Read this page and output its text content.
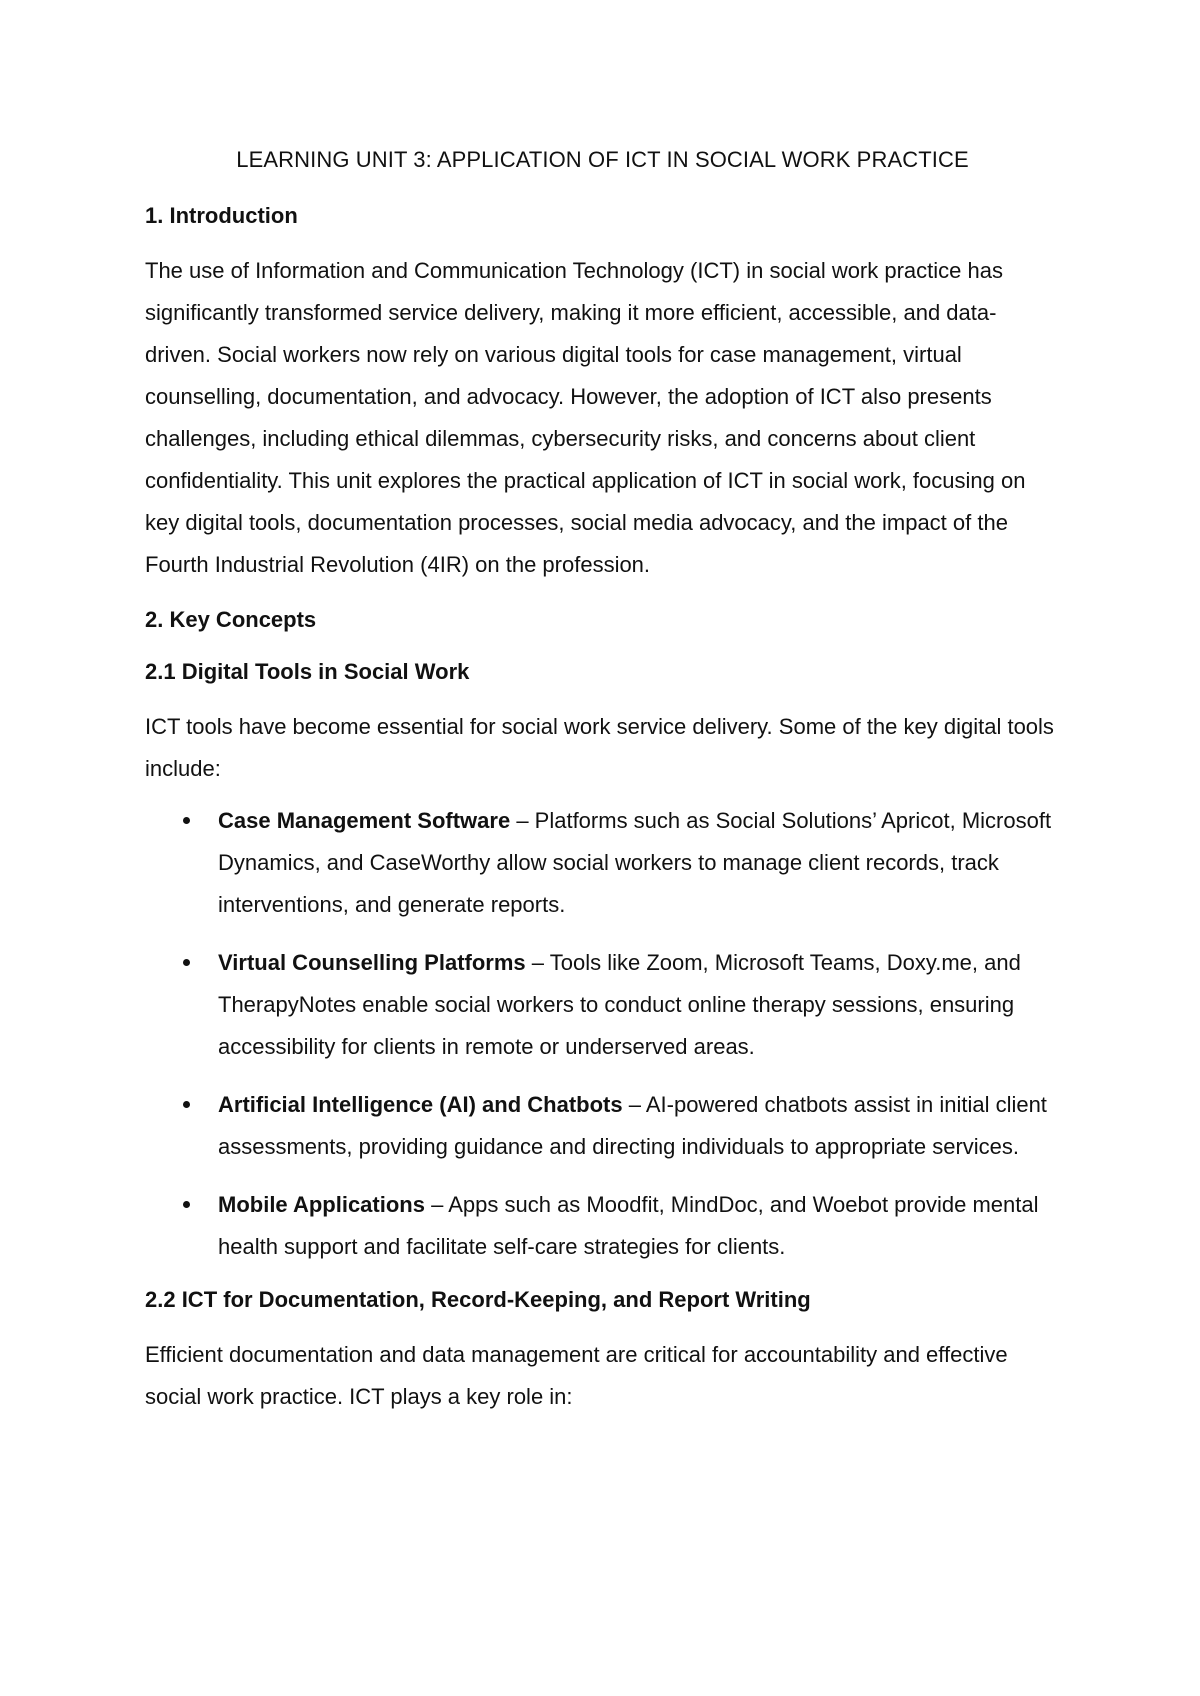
LEARNING UNIT 3: APPLICATION OF ICT IN SOCIAL WORK PRACTICE
1. Introduction

The use of Information and Communication Technology (ICT) in social work practice has significantly transformed service delivery, making it more efficient, accessible, and data-driven. Social workers now rely on various digital tools for case management, virtual counselling, documentation, and advocacy. However, the adoption of ICT also presents challenges, including ethical dilemmas, cybersecurity risks, and concerns about client confidentiality. This unit explores the practical application of ICT in social work, focusing on key digital tools, documentation processes, social media advocacy, and the impact of the Fourth Industrial Revolution (4IR) on the profession.

2. Key Concepts
2.1 Digital Tools in Social Work

ICT tools have become essential for social work service delivery. Some of the key digital tools include:

Case Management Software – Platforms such as Social Solutions’ Apricot, Microsoft Dynamics, and CaseWorthy allow social workers to manage client records, track interventions, and generate reports.
Virtual Counselling Platforms – Tools like Zoom, Microsoft Teams, Doxy.me, and TherapyNotes enable social workers to conduct online therapy sessions, ensuring accessibility for clients in remote or underserved areas.
Artificial Intelligence (AI) and Chatbots – AI-powered chatbots assist in initial client assessments, providing guidance and directing individuals to appropriate services.
Mobile Applications – Apps such as Moodfit, MindDoc, and Woebot provide mental health support and facilitate self-care strategies for clients.
2.2 ICT for Documentation, Record-Keeping, and Report Writing

Efficient documentation and data management are critical for accountability and effective social work practice. ICT plays a key role in:
